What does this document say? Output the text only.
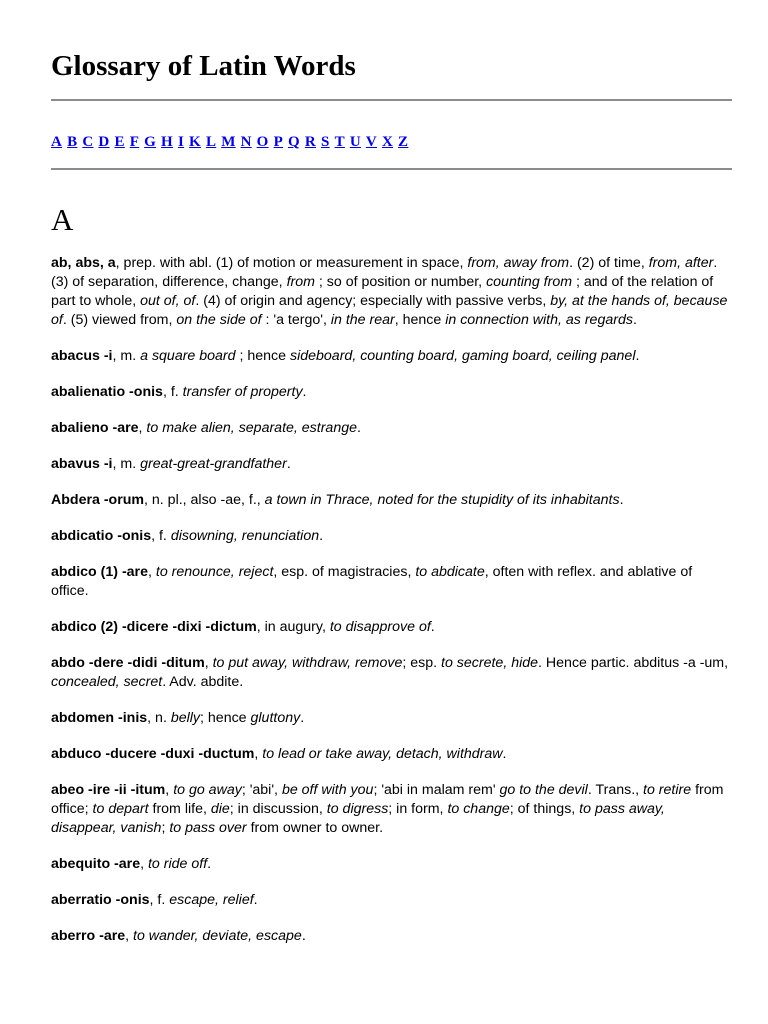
Glossary of Latin Words
A B C D E F G H I K L M N O P Q R S T U V X Z
A

ab, abs, a, prep. with abl. (1) of motion or measurement in space, from, away from. (2) of time, from, after. (3) of separation, difference, change, from ; so of position or number, counting from ; and of the relation of part to whole, out of, of. (4) of origin and agency; especially with passive verbs, by, at the hands of, because of. (5) viewed from, on the side of : 'a tergo', in the rear, hence in connection with, as regards.

abacus -i, m. a square board ; hence sideboard, counting board, gaming board, ceiling panel.

abalienatio -onis, f. transfer of property.

abalieno -are, to make alien, separate, estrange.

abavus -i, m. great-great-grandfather.

Abdera -orum, n. pl., also -ae, f., a town in Thrace, noted for the stupidity of its inhabitants.

abdicatio -onis, f. disowning, renunciation.

abdico (1) -are, to renounce, reject, esp. of magistracies, to abdicate, often with reflex. and ablative of office.

abdico (2) -dicere -dixi -dictum, in augury, to disapprove of.

abdo -dere -didi -ditum, to put away, withdraw, remove; esp. to secrete, hide. Hence partic. abditus -a -um, concealed, secret. Adv. abdite.

abdomen -inis, n. belly; hence gluttony.

abduco -ducere -duxi -ductum, to lead or take away, detach, withdraw.

abeo -ire -ii -itum, to go away; 'abi', be off with you; 'abi in malam rem' go to the devil. Trans., to retire from office; to depart from life, die; in discussion, to digress; in form, to change; of things, to pass away, disappear, vanish; to pass over from owner to owner.

abequito -are, to ride off.

aberratio -onis, f. escape, relief.

aberro -are, to wander, deviate, escape.
